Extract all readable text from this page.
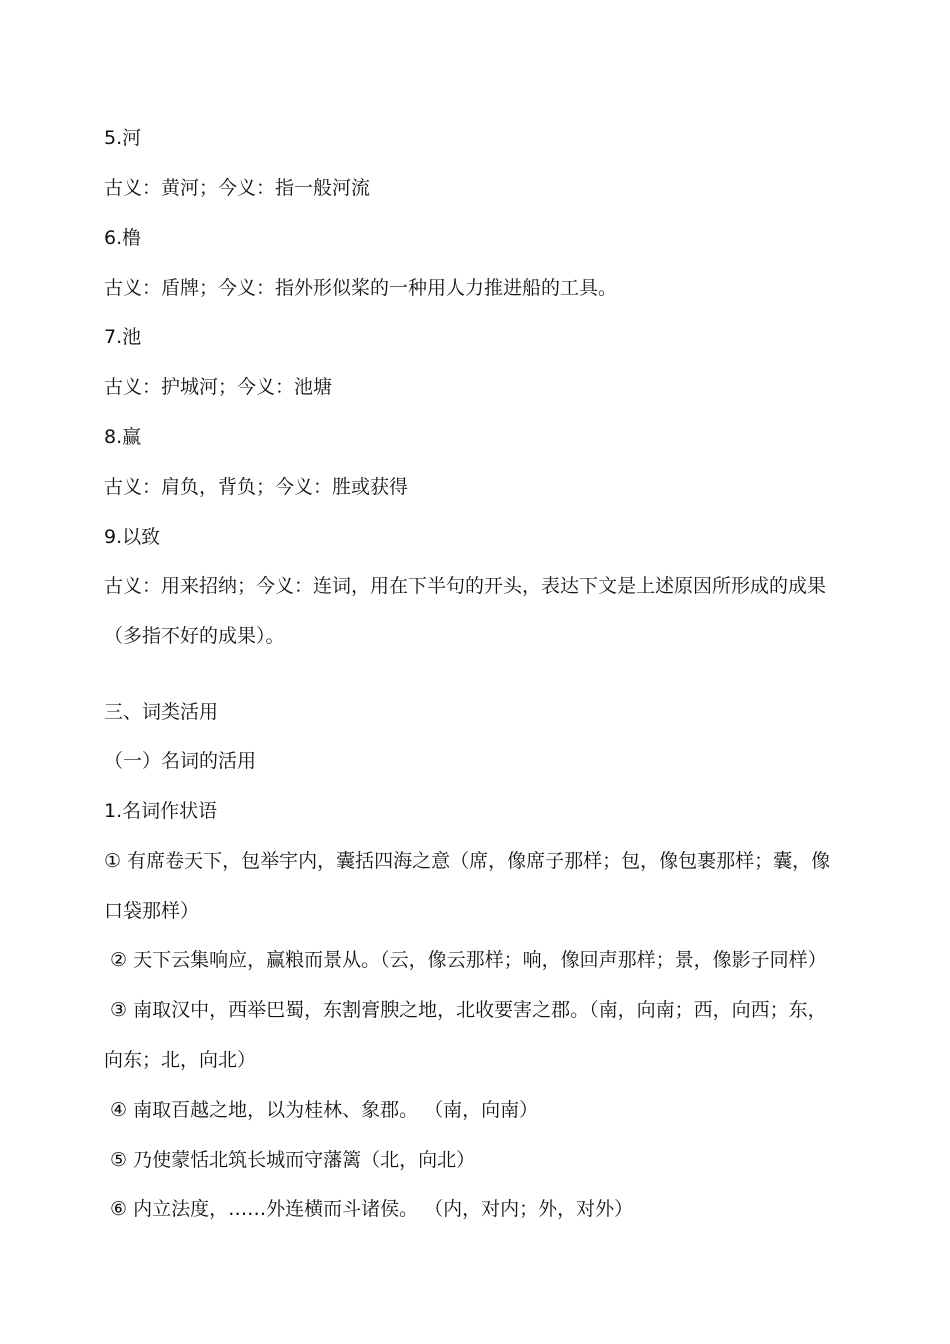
5.河
古义：黄河；今义：指一般河流
6.橹
古义：盾牌；今义：指外形似桨的一种用人力推进船的工具。
7.池
古义：护城河；今义：池塘
8.赢
古义：肩负，背负；今义：胜或获得
9.以致
古义：用来招纳；今义：连词，用在下半句的开头，表达下文是上述原因所形成的成果
（多指不好的成果）。
三、词类活用
（一）名词的活用
1.名词作状语
① 有席卷天下，包举宇内，囊括四海之意（席，像席子那样；包，像包裹那样；囊，像
口袋那样）
② 天下云集响应，赢粮而景从。（云，像云那样；响，像回声那样；景，像影子同样）
③ 南取汉中，西举巴蜀，东割膏腴之地，北收要害之郡。（南，向南；西，向西；东，
向东；北，向北）
④ 南取百越之地，以为桂林、象郡。 （南，向南）
⑤ 乃使蒙恬北筑长城而守藩篱（北，向北）
⑥ 内立法度，……外连横而斗诸侯。 （内，对内；外，对外）
